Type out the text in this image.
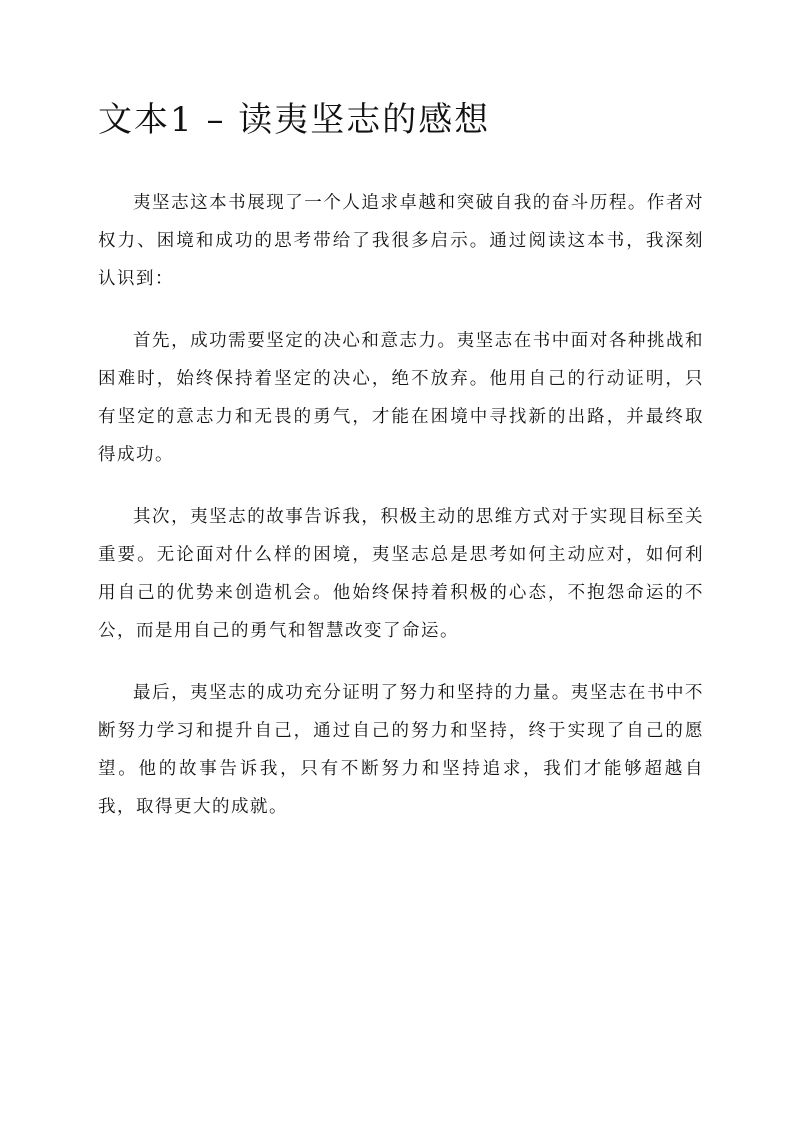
文本1 – 读夷坚志的感想

夷坚志这本书展现了一个人追求卓越和突破自我的奋斗历程。作者对权力、困境和成功的思考带给了我很多启示。通过阅读这本书，我深刻认识到：

首先，成功需要坚定的决心和意志力。夷坚志在书中面对各种挑战和困难时，始终保持着坚定的决心，绝不放弃。他用自己的行动证明，只有坚定的意志力和无畏的勇气，才能在困境中寻找新的出路，并最终取得成功。

其次，夷坚志的故事告诉我，积极主动的思维方式对于实现目标至关重要。无论面对什么样的困境，夷坚志总是思考如何主动应对，如何利用自己的优势来创造机会。他始终保持着积极的心态，不抱怨命运的不公，而是用自己的勇气和智慧改变了命运。

最后，夷坚志的成功充分证明了努力和坚持的力量。夷坚志在书中不断努力学习和提升自己，通过自己的努力和坚持，终于实现了自己的愿望。他的故事告诉我，只有不断努力和坚持追求，我们才能够超越自我，取得更大的成就。
